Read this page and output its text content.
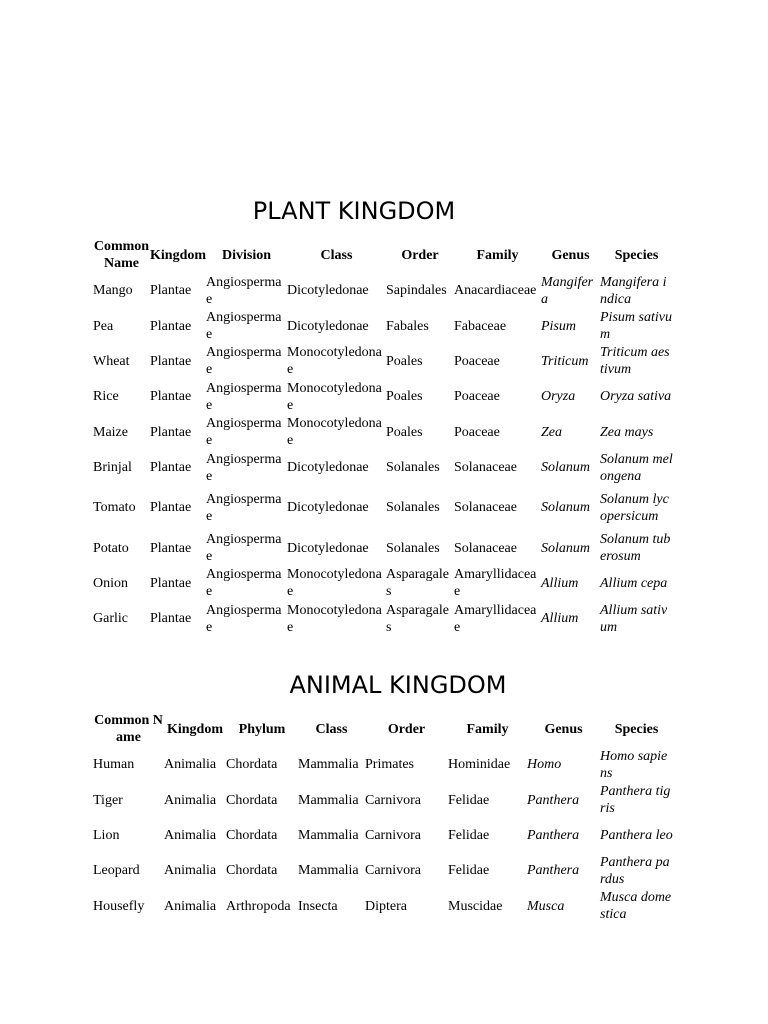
PLANT KINGDOM
Common Name	Kingdom	Division	Class	Order	Family	Genus	Species
Mango	Plantae	Angiospermae	Dicotyledonae	Sapindales	Anacardiaceae	Mangifera	Mangifera indica
Pea	Plantae	Angiospermae	Dicotyledonae	Fabales	Fabaceae	Pisum	Pisum sativum
Wheat	Plantae	Angiospermae	Monocotyledonae	Poales	Poaceae	Triticum	Triticum aestivum
Rice	Plantae	Angiospermae	Monocotyledonae	Poales	Poaceae	Oryza	Oryza sativa
Maize	Plantae	Angiospermae	Monocotyledonae	Poales	Poaceae	Zea	Zea mays
Brinjal	Plantae	Angiospermae	Dicotyledonae	Solanales	Solanaceae	Solanum	Solanum melongena
Tomato	Plantae	Angiospermae	Dicotyledonae	Solanales	Solanaceae	Solanum	Solanum lycopersicum
Potato	Plantae	Angiospermae	Dicotyledonae	Solanales	Solanaceae	Solanum	Solanum tuberosum
Onion	Plantae	Angiospermae	Monocotyledonae	Asparagales	Amaryllidaceae	Allium	Allium cepa
Garlic	Plantae	Angiospermae	Monocotyledonae	Asparagales	Amaryllidaceae	Allium	Allium sativum
ANIMAL KINGDOM
Common Name	Kingdom	Phylum	Class	Order	Family	Genus	Species
Human	Animalia	Chordata	Mammalia	Primates	Hominidae	Homo	Homo sapiens
Tiger	Animalia	Chordata	Mammalia	Carnivora	Felidae	Panthera	Panthera tigris
Lion	Animalia	Chordata	Mammalia	Carnivora	Felidae	Panthera	Panthera leo
Leopard	Animalia	Chordata	Mammalia	Carnivora	Felidae	Panthera	Panthera pardus
Housefly	Animalia	Arthropoda	Insecta	Diptera	Muscidae	Musca	Musca domestica
